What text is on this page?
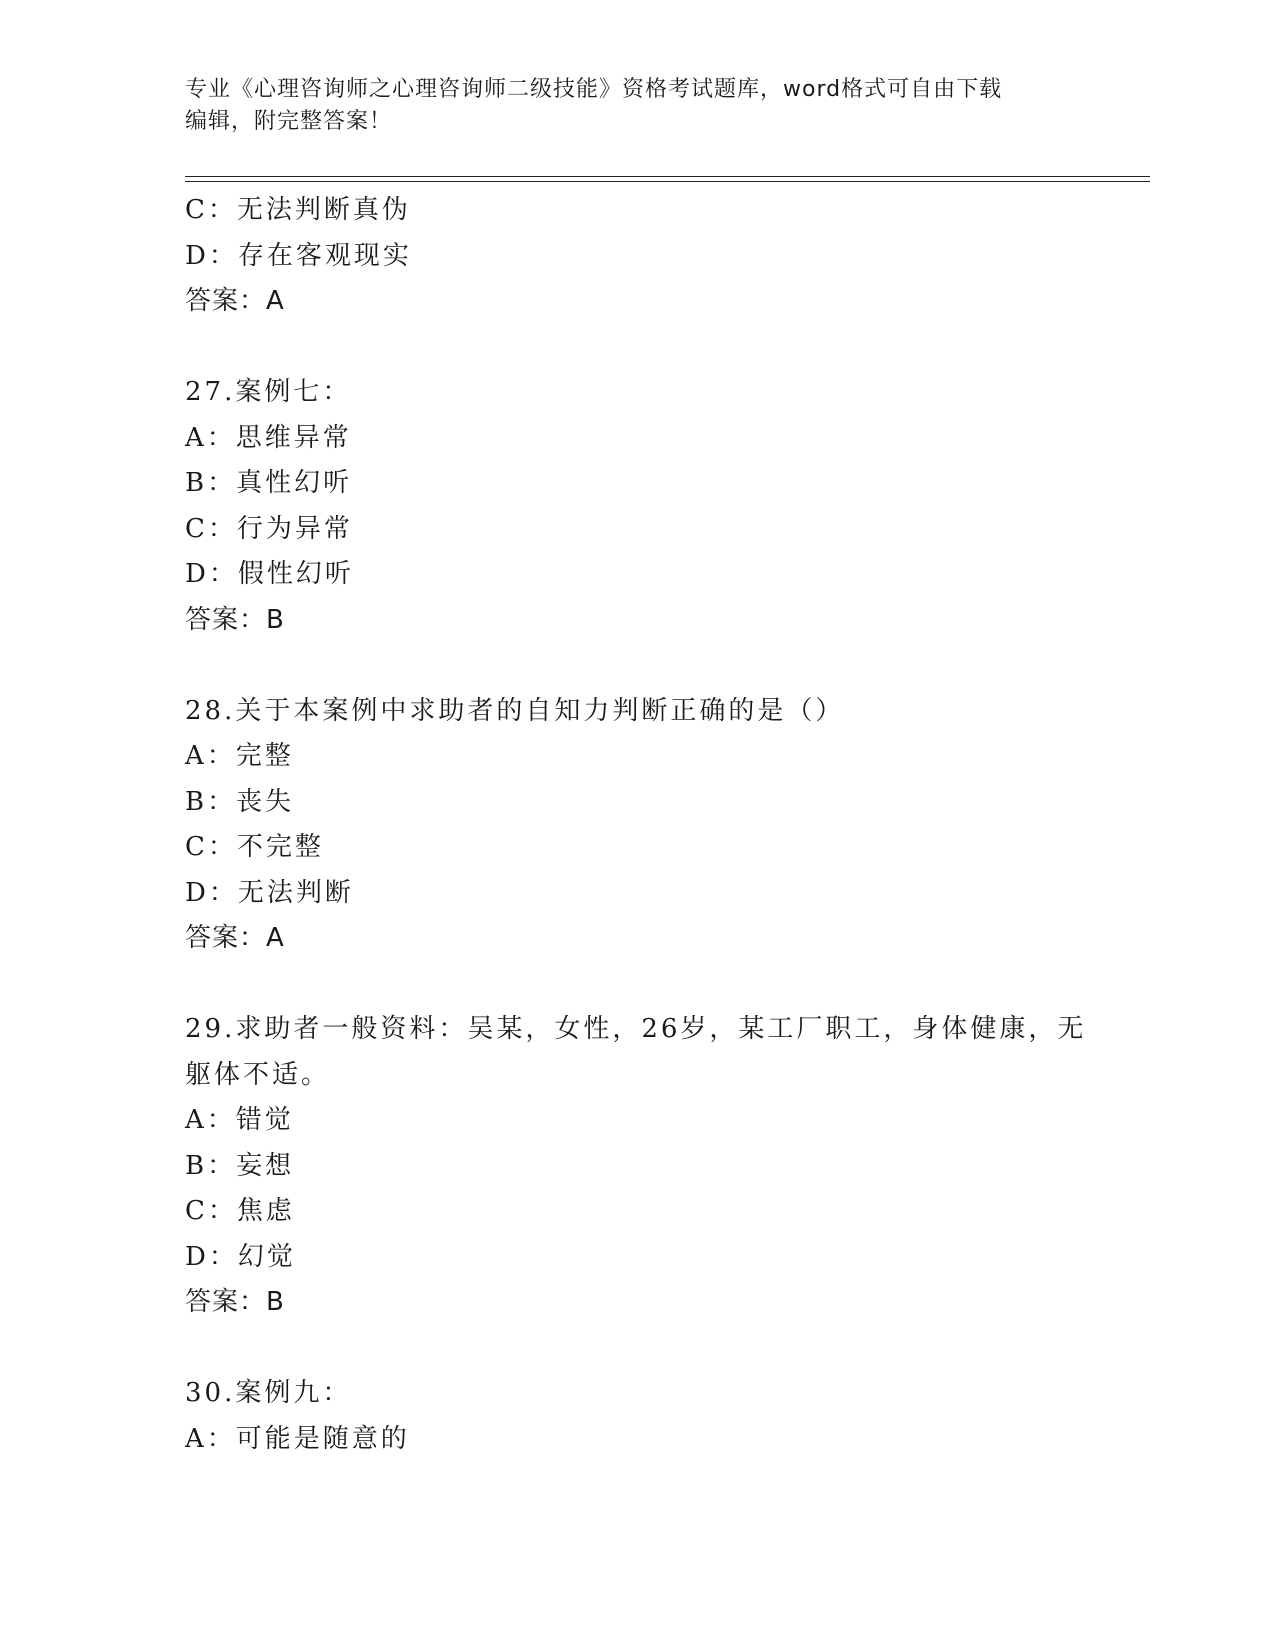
专业《心理咨询师之心理咨询师二级技能》资格考试题库，word格式可自由下载
编辑，附完整答案！
C：无法判断真伪
D：存在客观现实
答案：A
27.案例七：
A：思维异常
B：真性幻听
C：行为异常
D：假性幻听
答案：B
28.关于本案例中求助者的自知力判断正确的是（）
A：完整
B：丧失
C：不完整
D：无法判断
答案：A
29.求助者一般资料：吴某，女性，26岁，某工厂职工，身体健康，无
躯体不适。
A：错觉
B：妄想
C：焦虑
D：幻觉
答案：B
30.案例九：
A：可能是随意的
